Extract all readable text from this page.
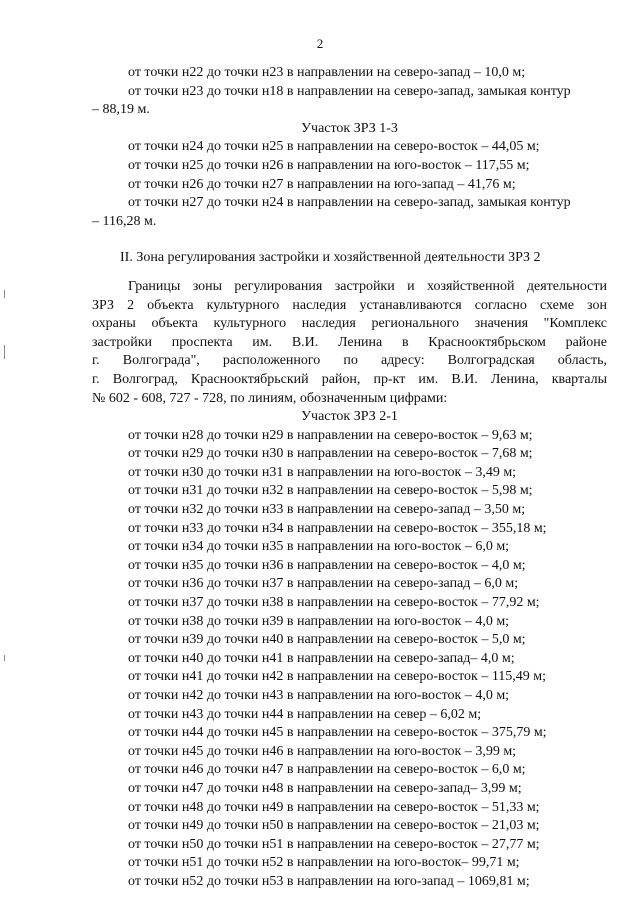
2
от точки н22 до точки н23 в направлении на северо-запад – 10,0 м;
от точки н23 до точки н18 в направлении на северо-запад, замыкая контур
– 88,19 м.
Участок ЗРЗ 1-3
от точки н24 до точки н25 в направлении на северо-восток – 44,05 м;
от точки н25 до точки н26 в направлении на юго-восток – 117,55 м;
от точки н26 до точки н27 в направлении на юго-запад – 41,76 м;
от точки н27 до точки н24 в направлении на северо-запад, замыкая контур
– 116,28 м.
II. Зона регулирования застройки и хозяйственной деятельности ЗРЗ 2
Границы зоны регулирования застройки и хозяйственной деятельности
ЗРЗ 2 объекта культурного наследия устанавливаются согласно схеме зон
охраны объекта культурного наследия регионального значения "Комплекс
застройки проспекта им. В.И. Ленина в Краснооктябрьском районе
г. Волгограда", расположенного по адресу: Волгоградская область,
г. Волгоград, Краснооктябрьский район, пр-кт им. В.И. Ленина, кварталы
№ 602 - 608, 727 - 728, по линиям, обозначенным цифрами:
Участок ЗРЗ 2-1
от точки н28 до точки н29 в направлении на северо-восток – 9,63 м;
от точки н29 до точки н30 в направлении на северо-восток – 7,68 м;
от точки н30 до точки н31 в направлении на юго-восток – 3,49 м;
от точки н31 до точки н32 в направлении на северо-восток – 5,98 м;
от точки н32 до точки н33 в направлении на северо-запад – 3,50 м;
от точки н33 до точки н34 в направлении на северо-восток – 355,18 м;
от точки н34 до точки н35 в направлении на юго-восток – 6,0 м;
от точки н35 до точки н36 в направлении на северо-восток – 4,0 м;
от точки н36 до точки н37 в направлении на северо-запад – 6,0 м;
от точки н37 до точки н38 в направлении на северо-восток – 77,92 м;
от точки н38 до точки н39 в направлении на юго-восток – 4,0 м;
от точки н39 до точки н40 в направлении на северо-восток – 5,0 м;
от точки н40 до точки н41 в направлении на северо-запад– 4,0 м;
от точки н41 до точки н42 в направлении на северо-восток – 115,49 м;
от точки н42 до точки н43 в направлении на юго-восток – 4,0 м;
от точки н43 до точки н44 в направлении на север – 6,02 м;
от точки н44 до точки н45 в направлении на северо-восток – 375,79 м;
от точки н45 до точки н46 в направлении на юго-восток – 3,99 м;
от точки н46 до точки н47 в направлении на северо-восток – 6,0 м;
от точки н47 до точки н48 в направлении на северо-запад– 3,99 м;
от точки н48 до точки н49 в направлении на северо-восток – 51,33 м;
от точки н49 до точки н50 в направлении на северо-восток – 21,03 м;
от точки н50 до точки н51 в направлении на северо-восток – 27,77 м;
от точки н51 до точки н52 в направлении на юго-восток– 99,71 м;
от точки н52 до точки н53 в направлении на юго-запад – 1069,81 м;
